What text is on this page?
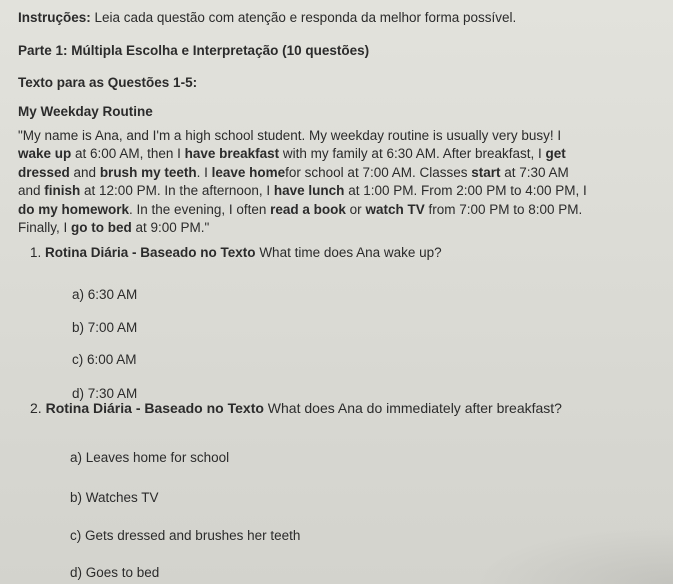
Instruções: Leia cada questão com atenção e responda da melhor forma possível.
Parte 1: Múltipla Escolha e Interpretação (10 questões)
Texto para as Questões 1-5:
My Weekday Routine

"My name is Ana, and I'm a high school student. My weekday routine is usually very busy! I

wake up at 6:00 AM, then I have breakfast with my family at 6:30 AM. After breakfast, I get

dressed and brush my teeth. I leave homefor school at 7:00 AM. Classes start at 7:30 AM

and finish at 12:00 PM. In the afternoon, I have lunch at 1:00 PM. From 2:00 PM to 4:00 PM, I

do my homework. In the evening, I often read a book or watch TV from 7:00 PM to 8:00 PM.

Finally, I go to bed at 9:00 PM."

1. Rotina Diária - Baseado no Texto What time does Ana wake up?
a) 6:30 AM
b) 7:00 AM
c) 6:00 AM
d) 7:30 AM
2. Rotina Diária - Baseado no Texto What does Ana do immediately after breakfast?
a) Leaves home for school
b) Watches TV
c) Gets dressed and brushes her teeth
d) Goes to bed
